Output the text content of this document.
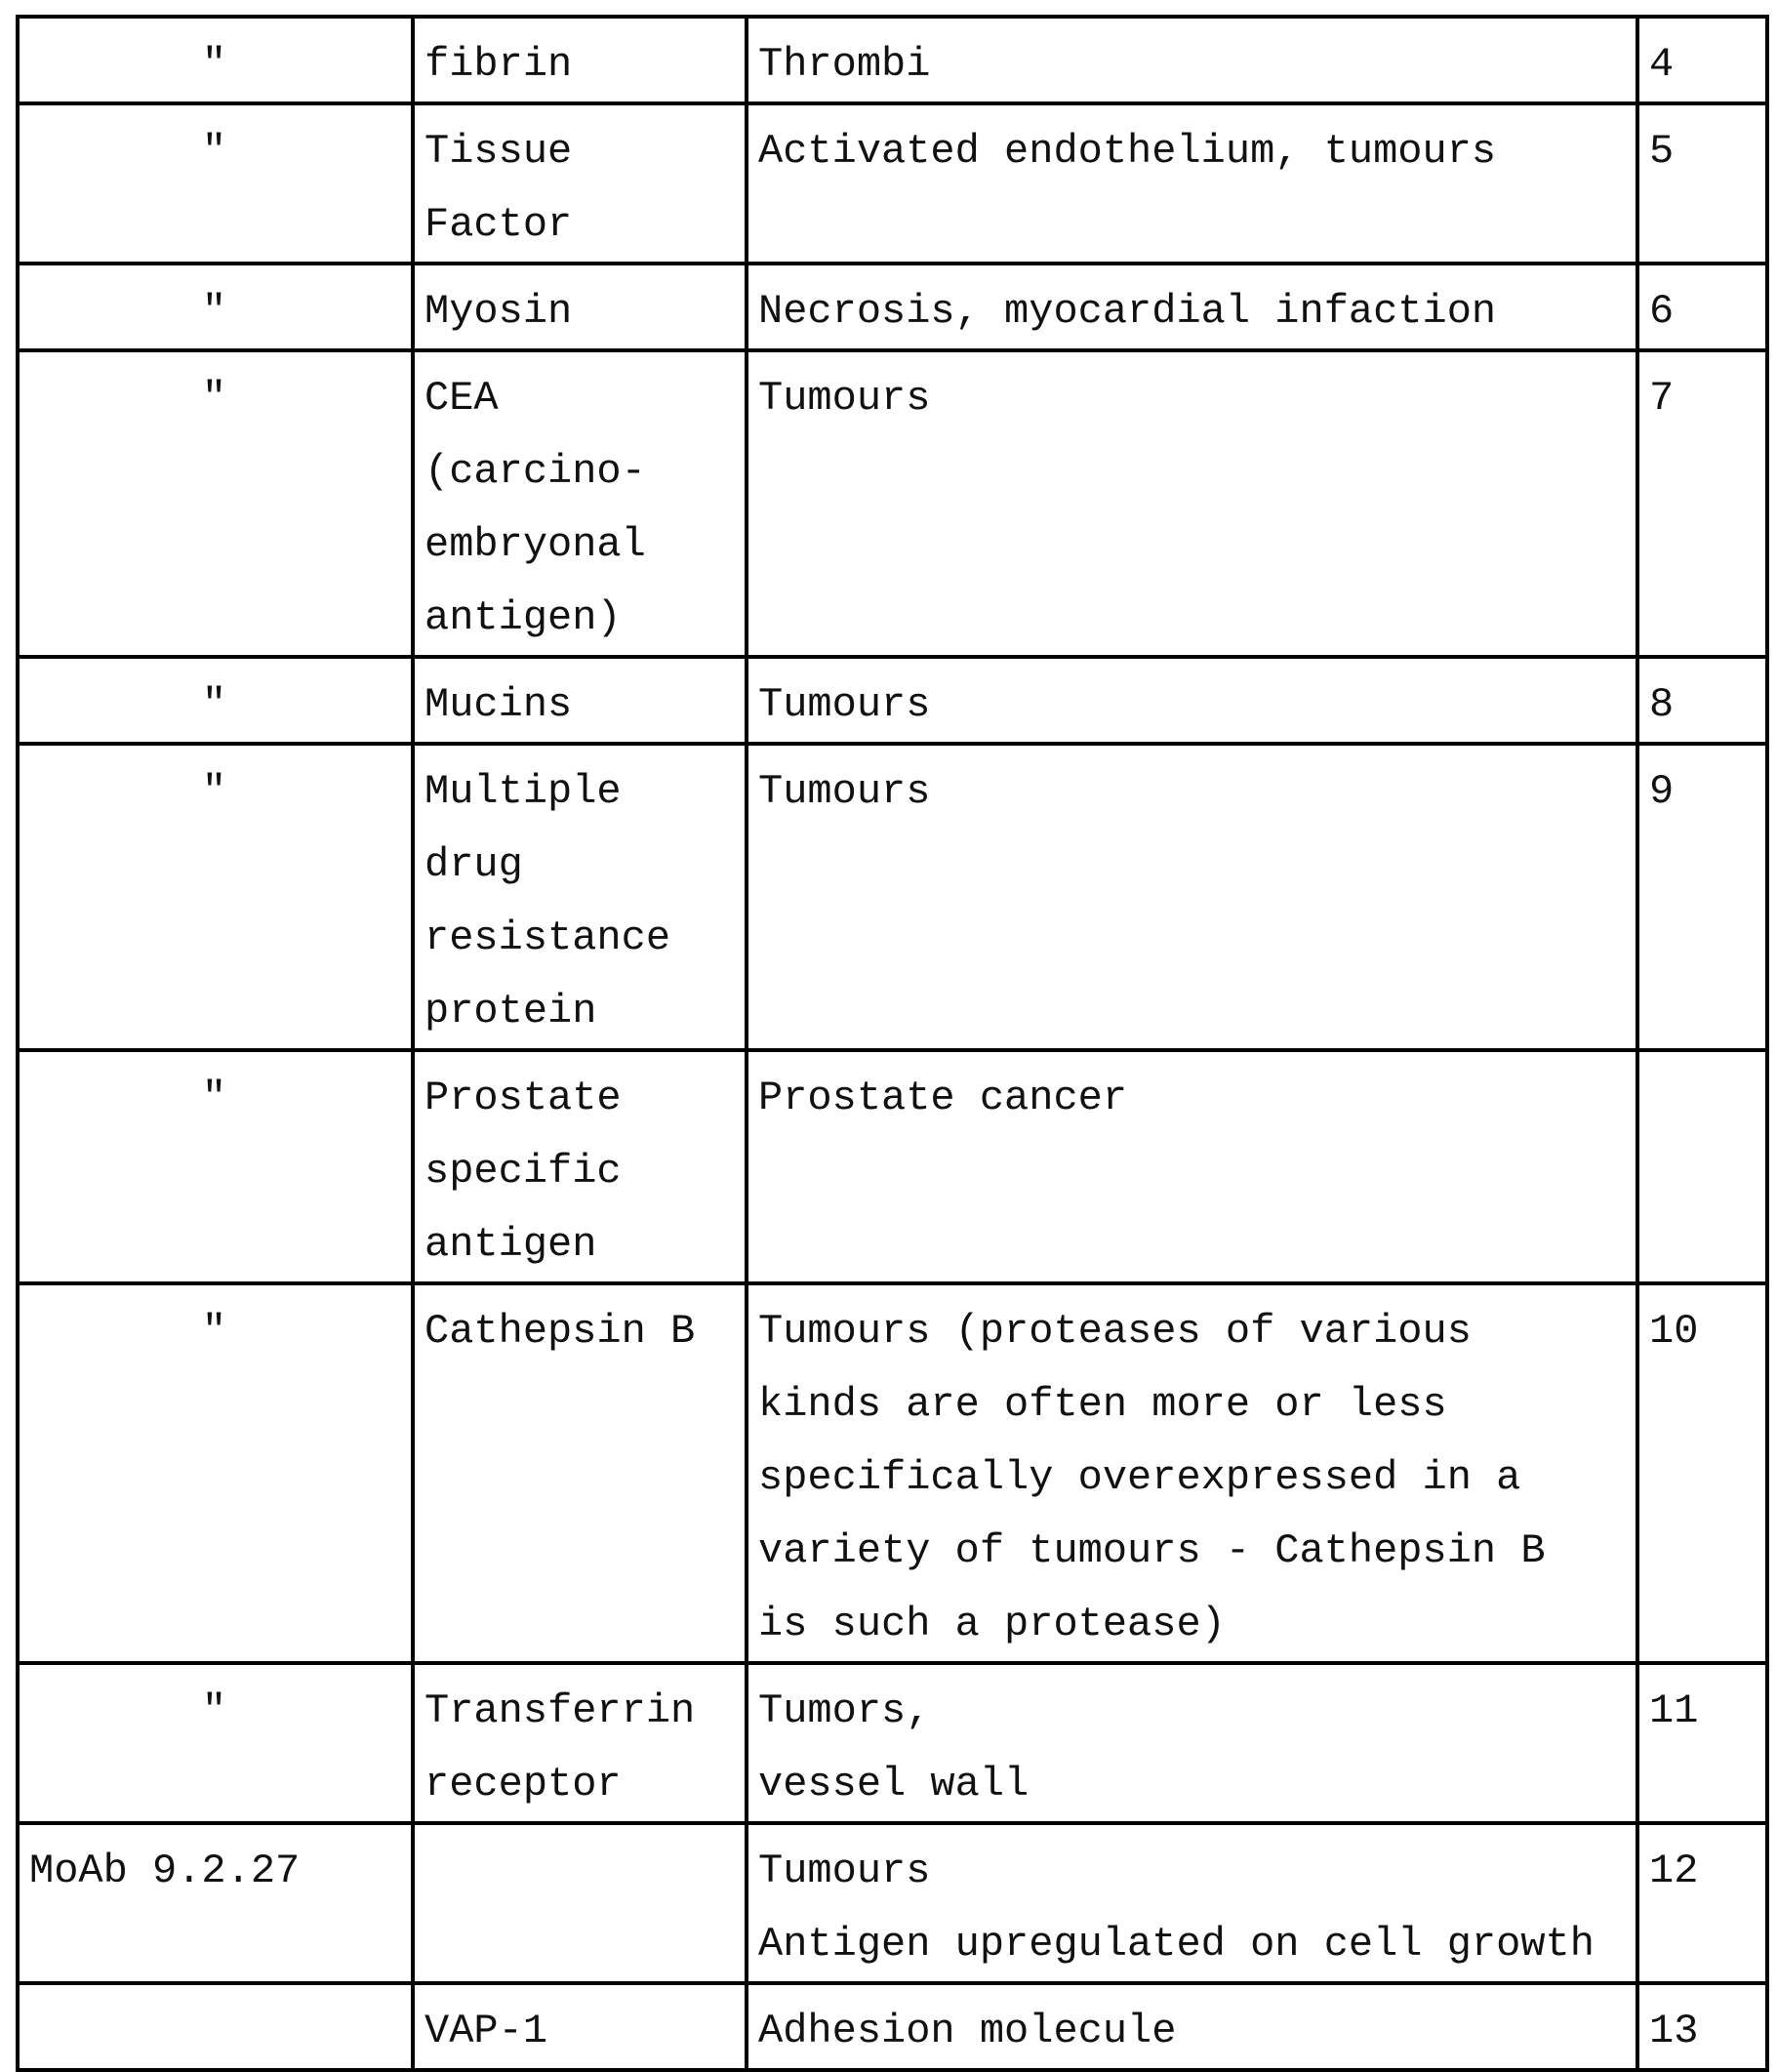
"	fibrin	Thrombi	4

"	Tissue
Factor

Activated endothelium, tumours	5

"	Myosin	Necrosis, myocardial infaction	6

"	CEA
(carcino-
embryonal
antigen)

Tumours	7

"	Mucins	Tumours	8

"	Multiple
drug
resistance
protein

Tumours	9

"	Prostate
specific
antigen

Prostate cancer

"	Cathepsin B	Tumours (proteases of various
kinds are often more or less
specifically overexpressed in a
variety of tumours - Cathepsin B
is such a protease)

10

"	Transferrin
receptor

Tumors,
vessel wall

11

MoAb 9.2.27		Tumours
Antigen upregulated on cell growth

12

VAP-1	Adhesion molecule	13
